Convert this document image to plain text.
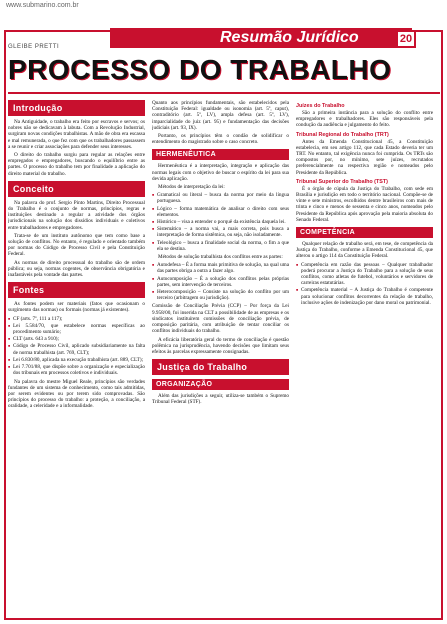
www.submarino.com.br
Resumão Jurídico	20
GLEIBE PRETTI
PROCESSO DO TRABALHO
Introdução

Na Antiguidade, o trabalho era feito por escravos e servos; os nobres não se dedicavam à labuta. Com a Revolução Industrial, surgiram novas condições trabalhistas. A mão de obra era escassa e mal remunerada, o que fez com que os trabalhadores passassem a se reunir e criar associações para defender seus interesses.

O direito do trabalho surgiu para regular as relações entre empregados e empregadores, buscando o equilíbrio entre as partes. O processo do trabalho tem por finalidade a aplicação do direito material do trabalho.

Conceito

Na palavra do prof. Sergio Pinto Martins, Direito Processual do Trabalho é o conjunto de normas, princípios, regras e instituições destinado a regular a atividade dos órgãos jurisdicionais na solução dos dissídios individuais e coletivos entre trabalhadores e empregadores.

Trata-se de um instituto autônomo que tem como base a solução de conflitos. No entanto, é regulado e orientado também por normas do Código de Processo Civil e pela Constituição Federal.

As normas de direito processual do trabalho são de ordem pública; ou seja, normas cogentes, de observância obrigatória e inafastáveis pela vontade das partes.

Fontes

As fontes podem ser materiais (fatos que ocasionam o surgimento das normas) ou formais (normas já existentes).

■ CF (arts. 7º, 111 a 117);
■ Lei 5.584/70, que estabelece normas específicas ao procedimento sumário;
■ CLT (arts. 643 a 910);
■ Código de Processo Civil, aplicado subsidiariamente na falta de norma trabalhista (art. 769, CLT);
■ Lei 6.830/80, aplicada na execução trabalhista (art. 889, CLT);
■ Lei 7.701/88, que dispõe sobre a organização e especialização dos tribunais em processos coletivos e individuais.

Na palavra do mestre Miguel Reale, princípios são verdades fundantes de um sistema de conhecimento, como tais admitidas, por serem evidentes ou por terem sido comprovadas. São princípios do processo do trabalho: a proteção, a conciliação, a oralidade, a celeridade e a informalidade.

Quanto aos princípios fundamentais, são estabelecidos pela Constituição Federal: igualdade ou isonomia (art. 5º, caput), contraditório (art. 5º, LV), ampla defesa (art. 5º, LV), imparcialidade do juiz (art. 95) e fundamentação das decisões judiciais (art. 93, IX).

Portanto, os princípios têm o condão de solidificar o entendimento do magistrado sobre o caso concreto.

HERMENÊUTICA

Hermenêutica é a interpretação, integração e aplicação das normas legais com o objetivo de buscar o espírito da lei para sua devida aplicação.

Métodos de interpretação da lei:

■ Gramatical ou literal – busca da norma por meio da língua portuguesa.
■ Lógico – forma matemática de analisar o direito com seus elementos.
■ Histórico – visa a entender o porquê da existência daquela lei.
■ Sistemático – a norma vai, a mais correta, pois busca a interpretação de forma sistêmica, ou seja, não isoladamente.
■ Teleológico – busca a finalidade social da norma, o fim a que ela se destina.

Métodos de solução trabalhista dos conflitos entre as partes:

■ Autodefesa – É a forma mais primitiva de solução, na qual uma das partes obriga a outra a fazer algo.
■ Autocomposição – É a solução dos conflitos pelas próprias partes, sem intervenção de terceiros.
■ Heterocomposição – Consiste na solução do conflito por um terceiro (arbitragem ou jurisdição).

Comissão de Conciliação Prévia (CCP) – Por força da Lei 9.958/00, foi inserida na CLT a possibilidade de as empresas e os sindicatos instituírem comissões de conciliação prévia, de composição paritária, com atribuição de tentar conciliar os conflitos individuais do trabalho.

A eficácia liberatória geral do termo de conciliação é questão polêmica na jurisprudência, havendo decisões que limitam seus efeitos às parcelas expressamente consignadas.

Justiça do Trabalho
ORGANIZAÇÃO

Além das jurisdições a seguir, utiliza-se também o Supremo Tribunal Federal (STF).

Juízes do Trabalho

São a primeira instância para a solução do conflito entre empregadores e trabalhadores. Eles são responsáveis pela condução da audiência e julgamento do feito.

Tribunal Regional do Trabalho (TRT)

Antes da Emenda Constitucional 45, a Constituição estabelecia, em seu artigo 112, que cada Estado deveria ter um TRT. No entanto, tal exigência nunca foi cumprida. Os TRTs são compostos por, no mínimo, sete juízes, recrutados preferencialmente na respectiva região e nomeados pelo Presidente da República.

Tribunal Superior do Trabalho (TST)

É o órgão de cúpula da Justiça do Trabalho, com sede em Brasília e jurisdição em todo o território nacional. Compõe-se de vinte e sete ministros, escolhidos dentre brasileiros com mais de trinta e cinco e menos de sessenta e cinco anos, nomeados pelo Presidente da República após aprovação pela maioria absoluta do Senado Federal.

COMPETÊNCIA

Qualquer relação de trabalho será, em tese, de competência da Justiça do Trabalho, conforme a Emenda Constitucional 45, que alterou o artigo 114 da Constituição Federal.

■ Competência em razão das pessoas – Qualquer trabalhador poderá procurar a Justiça do Trabalho para a solução de seus conflitos, como atletas de futebol, voluntários e servidores de carreiras estatutárias.
■ Competência material – A Justiça do Trabalho é competente para solucionar conflitos decorrentes da relação de trabalho, inclusive ações de indenização por dano moral ou patrimonial.
